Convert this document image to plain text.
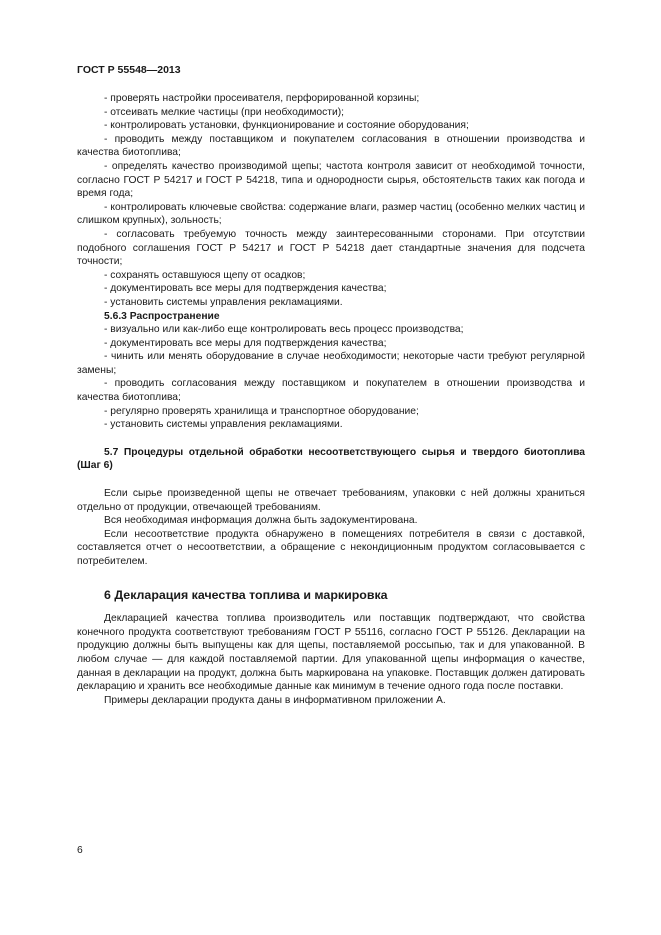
ГОСТ Р 55548—2013

- проверять настройки просеивателя, перфорированной корзины;

- отсеивать мелкие частицы (при необходимости);

- контролировать установки, функционирование и состояние оборудования;

- проводить между поставщиком и покупателем согласования в отношении производства и качества биотоплива;

- определять качество производимой щепы; частота контроля зависит от необходимой точности, согласно ГОСТ Р 54217 и ГОСТ Р 54218, типа и однородности сырья, обстоятельств таких как погода и время года;

- контролировать ключевые свойства: содержание влаги, размер частиц (особенно мелких частиц и слишком крупных), зольность;

- согласовать требуемую точность между заинтересованными сторонами. При отсутствии подобного соглашения ГОСТ Р 54217 и ГОСТ Р 54218 дает стандартные значения для подсчета точности;

- сохранять оставшуюся щепу от осадков;

- документировать все меры для подтверждения качества;

- установить системы управления рекламациями.

5.6.3 Распространение

- визуально или как-либо еще контролировать весь процесс производства;

- документировать все меры для подтверждения качества;

- чинить или менять оборудование в случае необходимости; некоторые части требуют регулярной замены;

- проводить согласования между поставщиком и покупателем в отношении производства и качества биотоплива;

- регулярно проверять хранилища и транспортное оборудование;

- установить системы управления рекламациями.

5.7 Процедуры отдельной обработки несоответствующего сырья и твердого биотоплива (Шаг 6)

Если сырье произведенной щепы не отвечает требованиям, упаковки с ней должны храниться отдельно от продукции, отвечающей требованиям.

Вся необходимая информация должна быть задокументирована.

Если несоответствие продукта обнаружено в помещениях потребителя в связи с доставкой, составляется отчет о несоответствии, а обращение с некондиционным продуктом согласовывается с потребителем.

6 Декларация качества топлива и маркировка

Декларацией качества топлива производитель или поставщик подтверждают, что свойства конечного продукта соответствуют требованиям ГОСТ Р 55116, согласно ГОСТ Р 55126. Декларации на продукцию должны быть выпущены как для щепы, поставляемой россыпью, так и для упакованной. В любом случае — для каждой поставляемой партии. Для упакованной щепы информация о качестве, данная в декларации на продукт, должна быть маркирована на упаковке. Поставщик должен датировать декларацию и хранить все необходимые данные как минимум в течение одного года после поставки.

Примеры декларации продукта даны в информативном приложении А.

6
